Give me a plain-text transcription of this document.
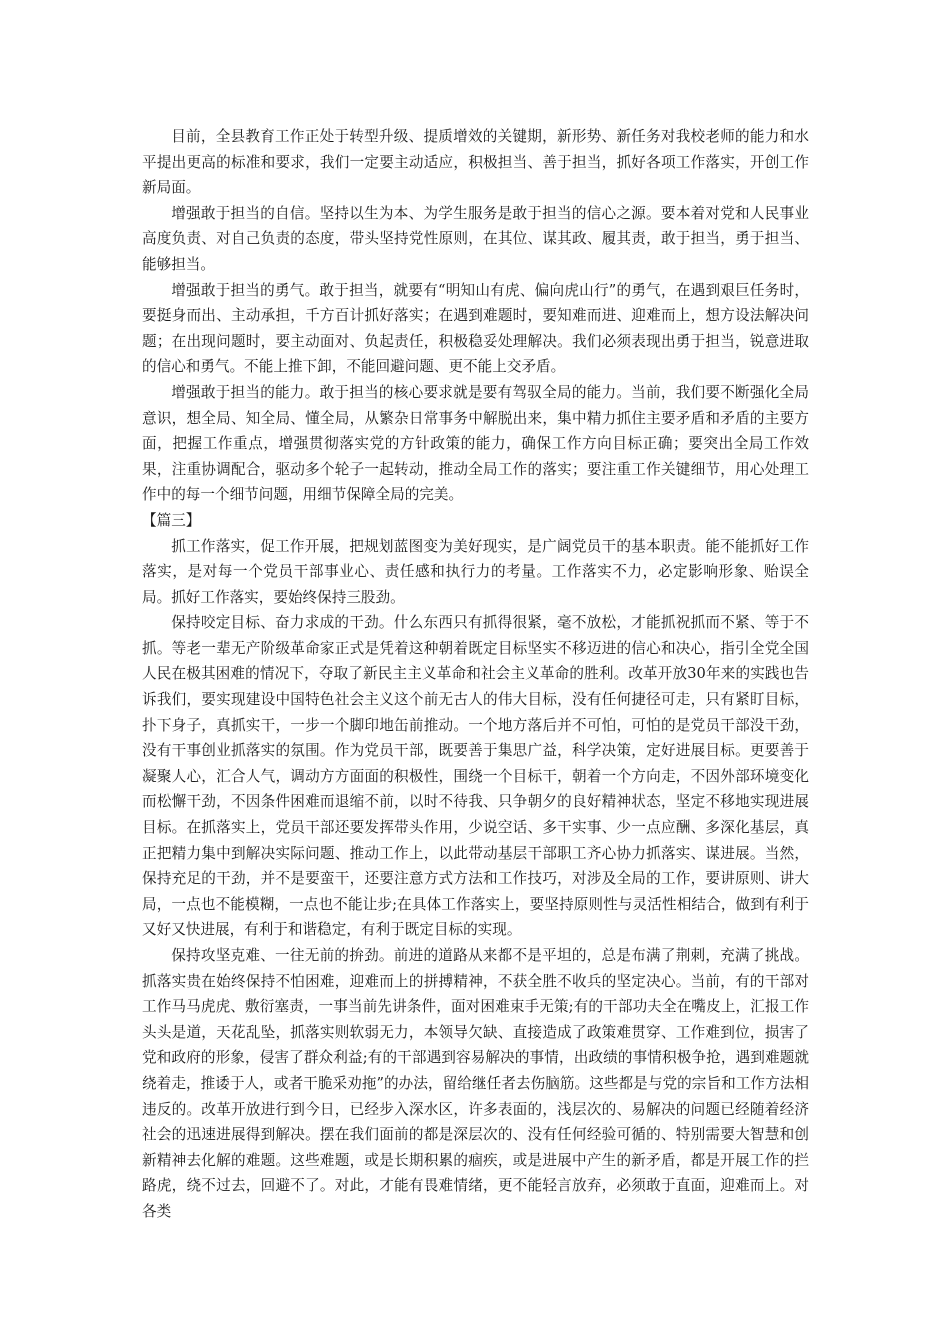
目前，全县教育工作正处于转型升级、提质增效的关键期，新形势、新任务对我校老师的能力和水平提出更高的标准和要求，我们一定要主动适应，积极担当、善于担当，抓好各项工作落实，开创工作新局面。

增强敢于担当的自信。坚持以生为本、为学生服务是敢于担当的信心之源。要本着对党和人民事业高度负责、对自己负责的态度，带头坚持党性原则，在其位、谋其政、履其责，敢于担当，勇于担当、能够担当。

增强敢于担当的勇气。敢于担当，就要有“明知山有虎、偏向虎山行”的勇气，在遇到艰巨任务时，要挺身而出、主动承担，千方百计抓好落实；在遇到难题时，要知难而进、迎难而上，想方设法解决问题；在出现问题时，要主动面对、负起责任，积极稳妥处理解决。我们必须表现出勇于担当，锐意进取的信心和勇气。不能上推下卸，不能回避问题、更不能上交矛盾。

增强敢于担当的能力。敢于担当的核心要求就是要有驾驭全局的能力。当前，我们要不断强化全局意识，想全局、知全局、懂全局，从繁杂日常事务中解脱出来，集中精力抓住主要矛盾和矛盾的主要方面，把握工作重点，增强贯彻落实党的方针政策的能力，确保工作方向目标正确；要突出全局工作效果，注重协调配合，驱动多个轮子一起转动，推动全局工作的落实；要注重工作关键细节，用心处理工作中的每一个细节问题，用细节保障全局的完美。

【篇三】

抓工作落实，促工作开展，把规划蓝图变为美好现实，是广阔党员干的基本职责。能不能抓好工作落实，是对每一个党员干部事业心、责任感和执行力的考量。工作落实不力，必定影响形象、贻误全局。抓好工作落实，要始终保持三股劲。

保持咬定目标、奋力求成的干劲。什么东西只有抓得很紧，毫不放松，才能抓祝抓而不紧、等于不抓。等老一辈无产阶级革命家正式是凭着这种朝着既定目标坚实不移迈进的信心和决心，指引全党全国人民在极其困难的情况下，夺取了新民主主义革命和社会主义革命的胜利。改革开放30年来的实践也告诉我们，要实现建设中国特色社会主义这个前无古人的伟大目标，没有任何捷径可走，只有紧盯目标，扑下身子，真抓实干，一步一个脚印地缶前推动。一个地方落后并不可怕，可怕的是党员干部没干劲，没有干事创业抓落实的氛围。作为党员干部，既要善于集思广益，科学决策，定好进展目标。更要善于凝聚人心，汇合人气，调动方方面面的积极性，围绕一个目标干，朝着一个方向走，不因外部环境变化而松懈干劲，不因条件困难而退缩不前，以时不待我、只争朝夕的良好精神状态，坚定不移地实现进展目标。在抓落实上，党员干部还要发挥带头作用，少说空话、多干实事、少一点应酬、多深化基层，真正把精力集中到解决实际问题、推动工作上，以此带动基层干部职工齐心协力抓落实、谋进展。当然，保持充足的干劲，并不是要蛮干，还要注意方式方法和工作技巧，对涉及全局的工作，要讲原则、讲大局，一点也不能模糊，一点也不能让步;在具体工作落实上，要坚持原则性与灵活性相结合，做到有利于又好又快进展，有利于和谐稳定，有利于既定目标的实现。

保持攻坚克难、一往无前的拚劲。前进的道路从来都不是平坦的，总是布满了荆刺，充满了挑战。抓落实贵在始终保持不怕困难，迎难而上的拼搏精神，不获全胜不收兵的坚定决心。当前，有的干部对工作马马虎虎、敷衍塞责，一事当前先讲条件，面对困难束手无策;有的干部功夫全在嘴皮上，汇报工作头头是道，天花乱坠，抓落实则软弱无力，本领导欠缺、直接造成了政策难贯穿、工作难到位，损害了党和政府的形象，侵害了群众利益;有的干部遇到容易解决的事情，出政绩的事情积极争抢，遇到难题就绕着走，推诿于人，或者干脆采劝拖”的办法，留给继任者去伤脑筋。这些都是与党的宗旨和工作方法相违反的。改革开放进行到今日，已经步入深水区，许多表面的，浅层次的、易解决的问题已经随着经济社会的迅速进展得到解决。摆在我们面前的都是深层次的、没有任何经验可循的、特别需要大智慧和创新精神去化解的难题。这些难题，或是长期积累的痼疾，或是进展中产生的新矛盾，都是开展工作的拦路虎，绕不过去，回避不了。对此，才能有畏难情绪，更不能轻言放弃，必须敢于直面，迎难而上。对各类
